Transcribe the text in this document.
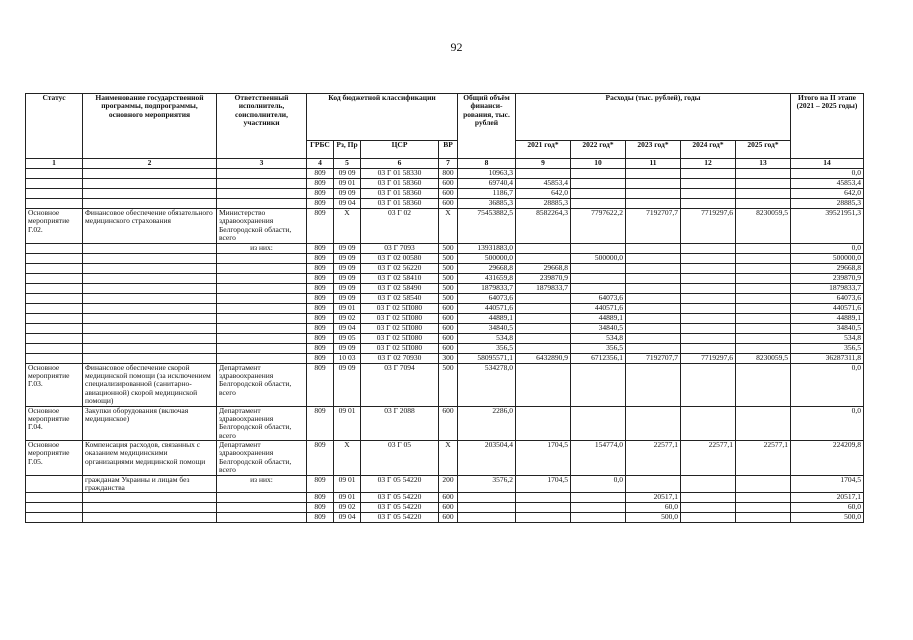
92
Статус	Наименование государственной программы, подпрограммы, основного мероприятия	Ответственный исполнитель, соисполнители, участники	Код бюджетной классификации				Общий объём финанси-рования, тыс. рублей	Расходы (тыс. рублей), годы					Итого на II этапе (2021 – 2025 годы)
			ГРБС	Рз, Пр	ЦСР	ВР		2021 год*	2022 год*	2023 год*	2024 год*	2025 год*	
1	2	3	4	5	6	7	8	9	10	11	12	13	14
			809	09 09	03 Г 01 58330	800	10963,3						0,0
			809	09 01	03 Г 01 58360	600	69740,4	45853,4					45853,4
			809	09 09	03 Г 01 58360	600	1186,7	642,0					642,0
			809	09 04	03 Г 01 58360	600	36885,3	28885,3					28885,3
Основное мероприятие Г.02.	Финансовое обеспечение обязательного медицинского страхования	Министерство здравоохранения Белгородской области, всего	809	Х	03 Г 02	Х	75453882,5	8582264,3	7797622,2	7192707,7	7719297,6	8230059,5	39521951,3
		из них:	809	09 09	03 Г 7093	500	13931883,0						0,0
			809	09 09	03 Г 02 00580	500	500000,0		500000,0				500000,0
			809	09 09	03 Г 02 56220	500	29668,8	29668,8					29668,8
			809	09 09	03 Г 02 58410	500	431659,8	239870,9					239870,9
			809	09 09	03 Г 02 58490	500	1879833,7	1879833,7					1879833,7
			809	09 09	03 Г 02 58540	500	64073,6		64073,6				64073,6
			809	09 01	03 Г 02 5П080	600	440571,6		440571,6				440571,6
			809	09 02	03 Г 02 5П080	600	44889,1		44889,1				44889,1
			809	09 04	03 Г 02 5П080	600	34840,5		34840,5				34840,5
			809	09 05	03 Г 02 5П080	600	534,8		534,8				534,8
			809	09 09	03 Г 02 5П080	600	356,5		356,5				356,5
			809	10 03	03 Г 02 70930	300	58095571,1	6432890,9	6712356,1	7192707,7	7719297,6	8230059,5	36287311,8
Основное мероприятие Г.03.	Финансовое обеспечение скорой медицинской помощи (за исключением специализированной (санитарно-авиационной) скорой медицинской помощи)	Департамент здравоохранения Белгородской области, всего	809	09 09	03 Г 7094	500	534278,0						0,0
Основное мероприятие Г.04.	Закупки оборудования (включая медицинское)	Департамент здравоохранения Белгородской области, всего	809	09 01	03 Г 2088	600	2286,0						0,0
Основное мероприятие Г.05.	Компенсация расходов, связанных с оказанием медицинскими организациями медицинской помощи	Департамент здравоохранения Белгородской области, всего	809	Х	03 Г 05	Х	203504,4	1704,5	154774,0	22577,1	22577,1	22577,1	224209,8
	гражданам Украины и лицам без гражданства	из них:	809	09 01	03 Г 05 54220	200	3576,2	1704,5	0,0				1704,5
			809	09 01	03 Г 05 54220	600				20517,1			20517,1
			809	09 02	03 Г 05 54220	600				60,0			60,0
			809	09 04	03 Г 05 54220	600				500,0			500,0
